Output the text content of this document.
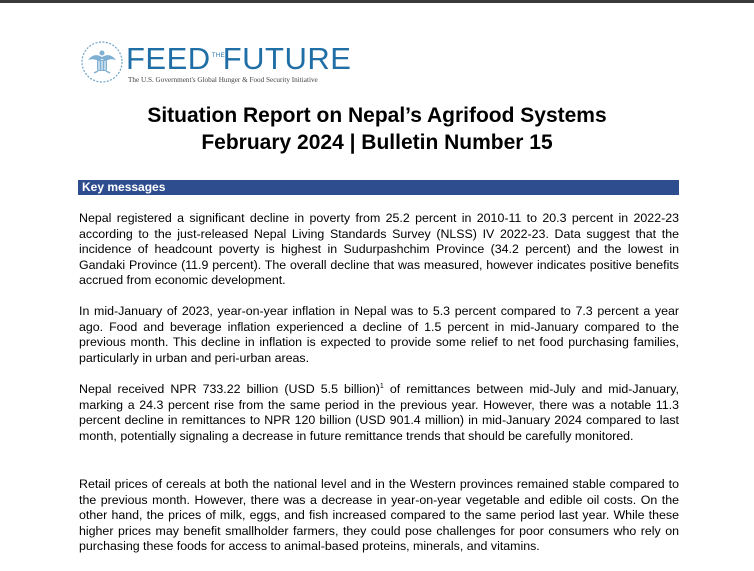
FEEDTHEFUTURE
The U.S. Government's Global Hunger & Food Security Initiative
Situation Report on Nepal’s Agrifood Systems
February 2024 | Bulletin Number 15
Key messages

Nepal registered a significant decline in poverty from 25.2 percent in 2010-11 to 20.3 percent in 2022-23 according to the just-released Nepal Living Standards Survey (NLSS) IV 2022-23. Data suggest that the incidence of headcount poverty is highest in Sudurpashchim Province (34.2 percent) and the lowest in Gandaki Province (11.9 percent). The overall decline that was measured, however indicates positive benefits accrued from economic development.

In mid-January of 2023, year-on-year inflation in Nepal was to 5.3 percent compared to 7.3 percent a year ago. Food and beverage inflation experienced a decline of 1.5 percent in mid-January compared to the previous month. This decline in inflation is expected to provide some relief to net food purchasing families, particularly in urban and peri-urban areas.

Nepal received NPR 733.22 billion (USD 5.5 billion)$^1$ of remittances between mid-July and mid-January, marking a 24.3 percent rise from the same period in the previous year. However, there was a notable 11.3 percent decline in remittances to NPR 120 billion (USD 901.4 million) in mid-January 2024 compared to last month, potentially signaling a decrease in future remittance trends that should be carefully monitored.

Retail prices of cereals at both the national level and in the Western provinces remained stable compared to the previous month. However, there was a decrease in year-on-year vegetable and edible oil costs. On the other hand, the prices of milk, eggs, and fish increased compared to the same period last year. While these higher prices may benefit smallholder farmers, they could pose challenges for poor consumers who rely on purchasing these foods for access to animal-based proteins, minerals, and vitamins.
